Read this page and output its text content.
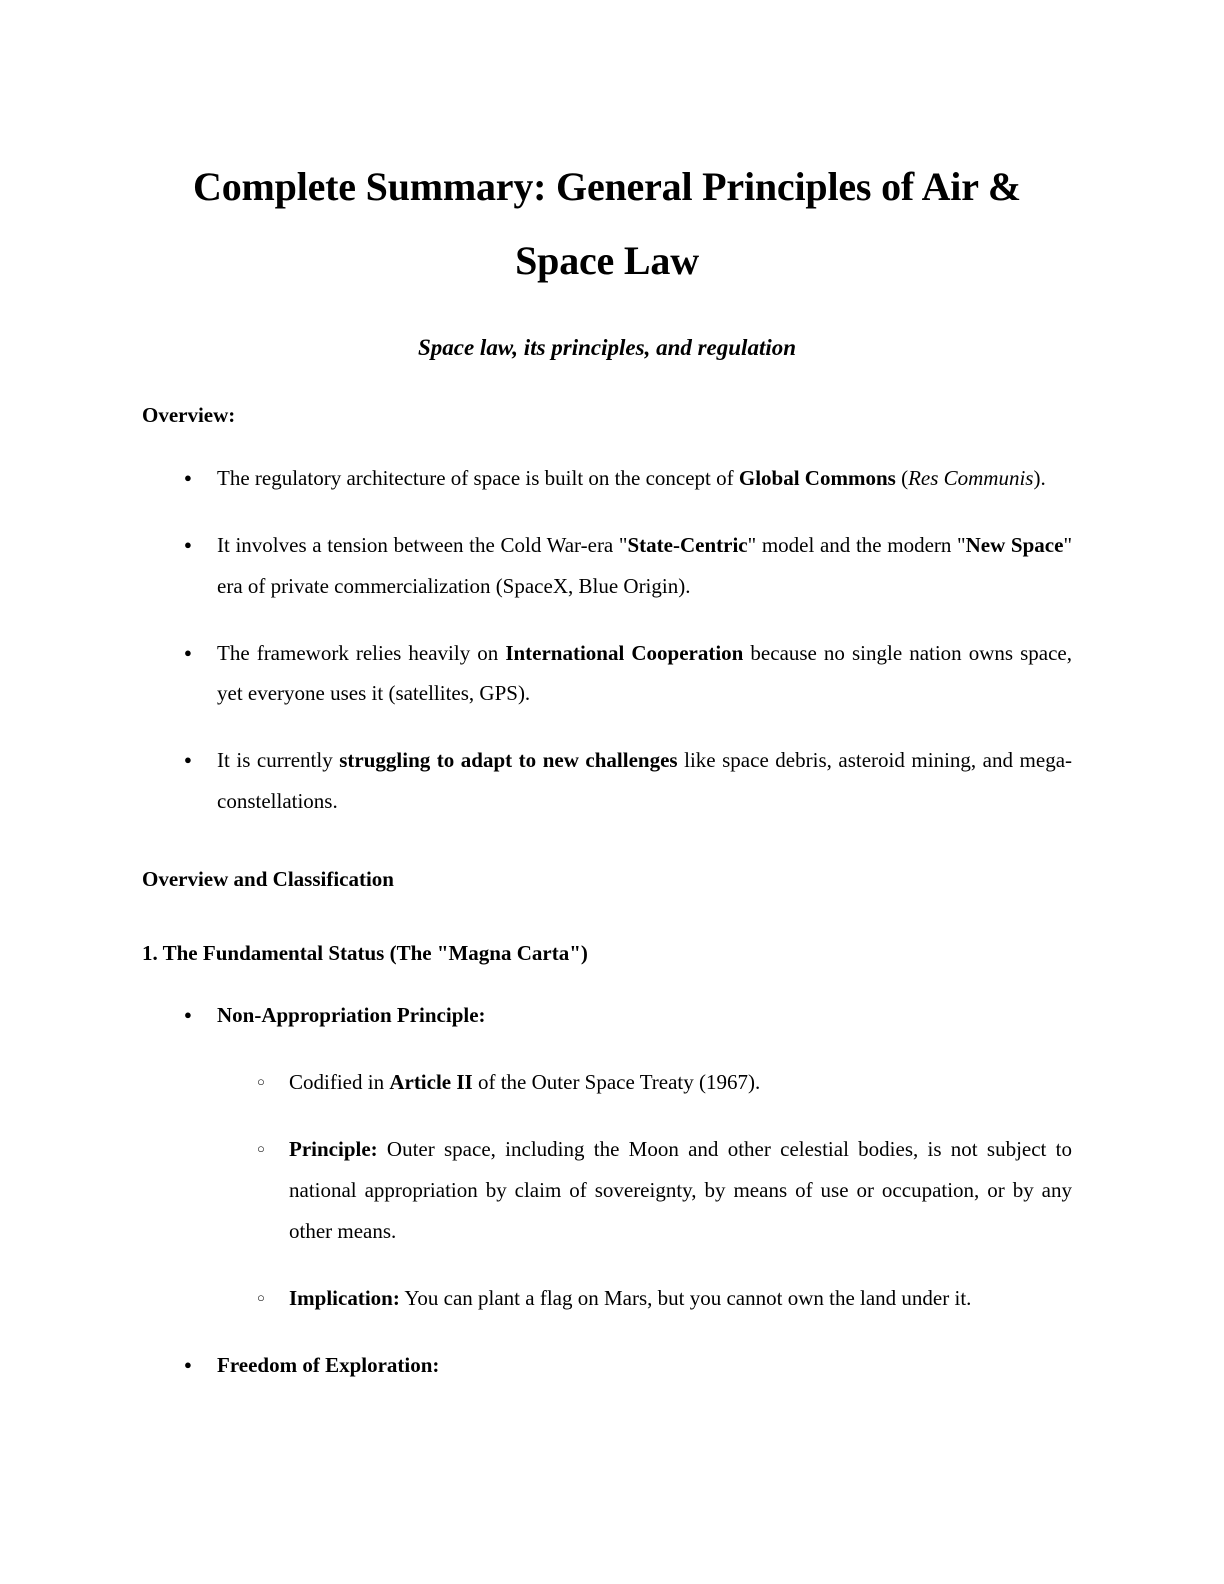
Complete Summary: General Principles of Air &
Space Law
Space law, its principles, and regulation
Overview:
● The regulatory architecture of space is built on the concept of Global Commons (Res Communis).
● It involves a tension between the Cold War-era "State-Centric" model and the modern "New Space" era of private commercialization (SpaceX, Blue Origin).
● The framework relies heavily on International Cooperation because no single nation owns space, yet everyone uses it (satellites, GPS).
● It is currently struggling to adapt to new challenges like space debris, asteroid mining, and mega-constellations.
Overview and Classification
1. The Fundamental Status (The "Magna Carta")
● Non-Appropriation Principle:
○ Codified in Article II of the Outer Space Treaty (1967).
○ Principle: Outer space, including the Moon and other celestial bodies, is not subject to national appropriation by claim of sovereignty, by means of use or occupation, or by any other means.
○ Implication: You can plant a flag on Mars, but you cannot own the land under it.
● Freedom of Exploration:
